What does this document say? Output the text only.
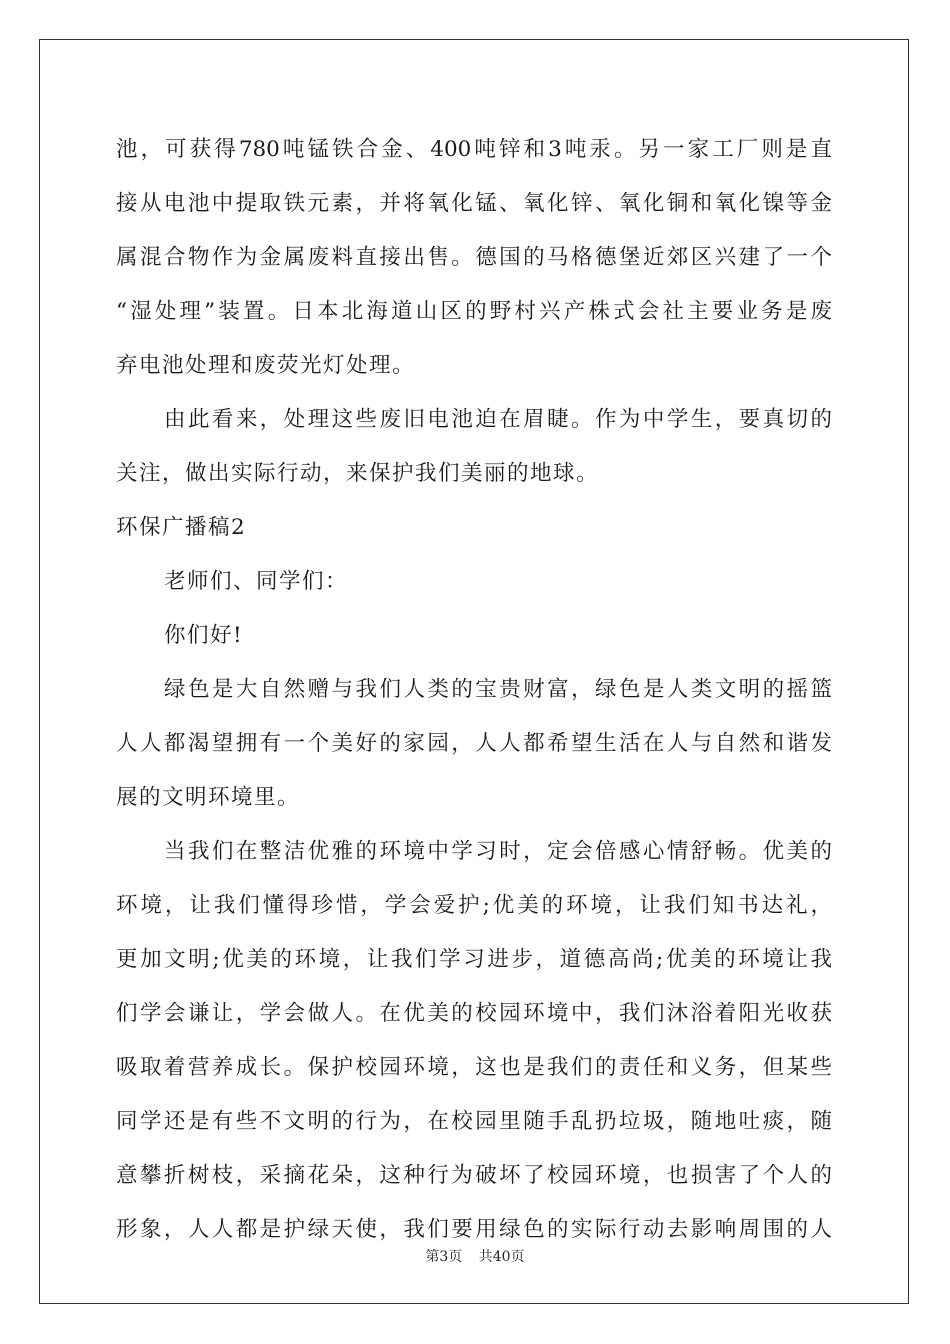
池，可获得780吨锰铁合金、400吨锌和3吨汞。另一家工厂则是直
接从电池中提取铁元素，并将氧化锰、氧化锌、氧化铜和氧化镍等金
属混合物作为金属废料直接出售。德国的马格德堡近郊区兴建了一个
“湿处理”装置。日本北海道山区的野村兴产株式会社主要业务是废
弃电池处理和废荧光灯处理。
由此看来，处理这些废旧电池迫在眉睫。作为中学生，要真切的
关注，做出实际行动，来保护我们美丽的地球。
环保广播稿2
老师们、同学们：
你们好!
绿色是大自然赠与我们人类的宝贵财富，绿色是人类文明的摇篮
人人都渴望拥有一个美好的家园，人人都希望生活在人与自然和谐发
展的文明环境里。
当我们在整洁优雅的环境中学习时，定会倍感心情舒畅。优美的
环境，让我们懂得珍惜，学会爱护;优美的环境，让我们知书达礼，
更加文明;优美的环境，让我们学习进步，道德高尚;优美的环境让我
们学会谦让，学会做人。在优美的校园环境中，我们沐浴着阳光收获
吸取着营养成长。保护校园环境，这也是我们的责任和义务，但某些
同学还是有些不文明的行为，在校园里随手乱扔垃圾，随地吐痰，随
意攀折树枝，采摘花朵，这种行为破坏了校园环境，也损害了个人的
形象，人人都是护绿天使，我们要用绿色的实际行动去影响周围的人
第3页 共40页
